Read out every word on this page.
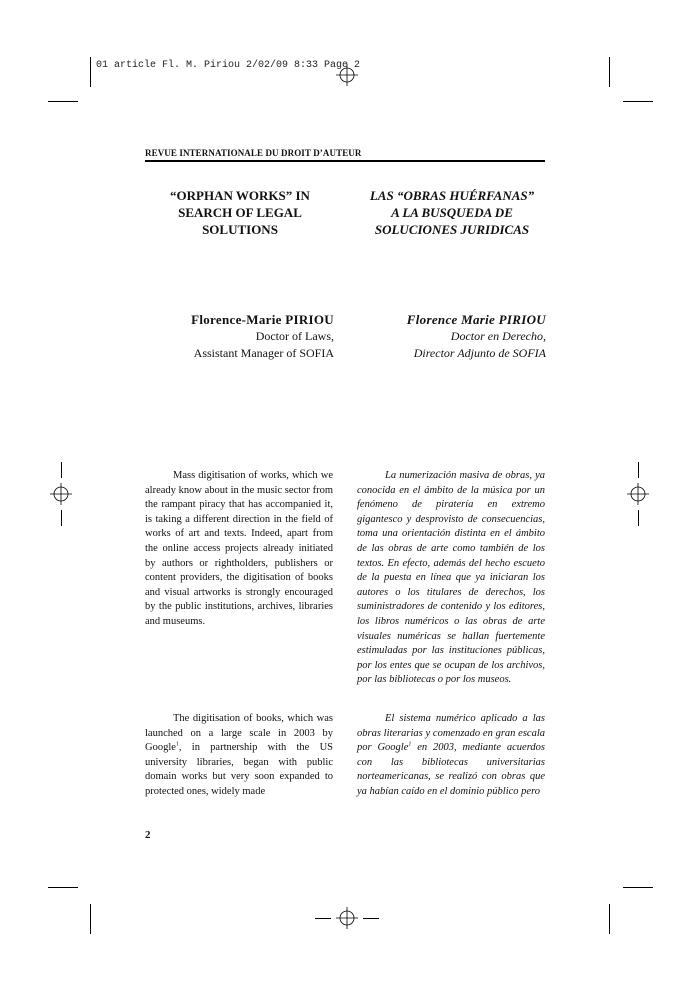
01 article Fl. M. Piriou 2/02/09 8:33 Page 2
REVUE INTERNATIONALE DU DROIT D’AUTEUR
“ORPHAN WORKS” IN
SEARCH OF LEGAL
SOLUTIONS
LAS “OBRAS HUÉRFANAS”
A LA BUSQUEDA DE
SOLUCIONES JURIDICAS
Florence-Marie PIRIOU
Doctor of Laws,
Assistant Manager of SOFIA
Florence Marie PIRIOU
Doctor en Derecho,
Director Adjunto de SOFIA

Mass digitisation of works, which we already know about in the music sector from the rampant piracy that has accompanied it, is taking a different direction in the field of works of art and texts. Indeed, apart from the online access projects already initiated by authors or rightholders, publishers or content providers, the digitisation of books and visual artworks is strongly encouraged by the public institutions, archives, libraries and museums.

La numerización masiva de obras, ya conocida en el ámbito de la música por un fenómeno de piratería en extremo gigantesco y desprovisto de consecuencias, toma una orientación distinta en el ámbito de las obras de arte como también de los textos. En efecto, además del hecho escueto de la puesta en línea que ya iniciaran los autores o los titulares de derechos, los suministradores de contenido y los editores, los libros numéricos o las obras de arte visuales numéricas se hallan fuertemente estimuladas por las instituciones públicas, por los entes que se ocupan de los archivos, por las bibliotecas o por los museos.

The digitisation of books, which was launched on a large scale in 2003 by Google$^1$, in partnership with the US university libraries, began with public domain works but very soon expanded to protected ones, widely made

El sistema numérico aplicado a las obras literarias y comenzado en gran escala por Google$^1$ en 2003, mediante acuerdos con las bibliotecas universitarias norteamericanas, se realizó con obras que ya habían caído en el dominio público pero

2
